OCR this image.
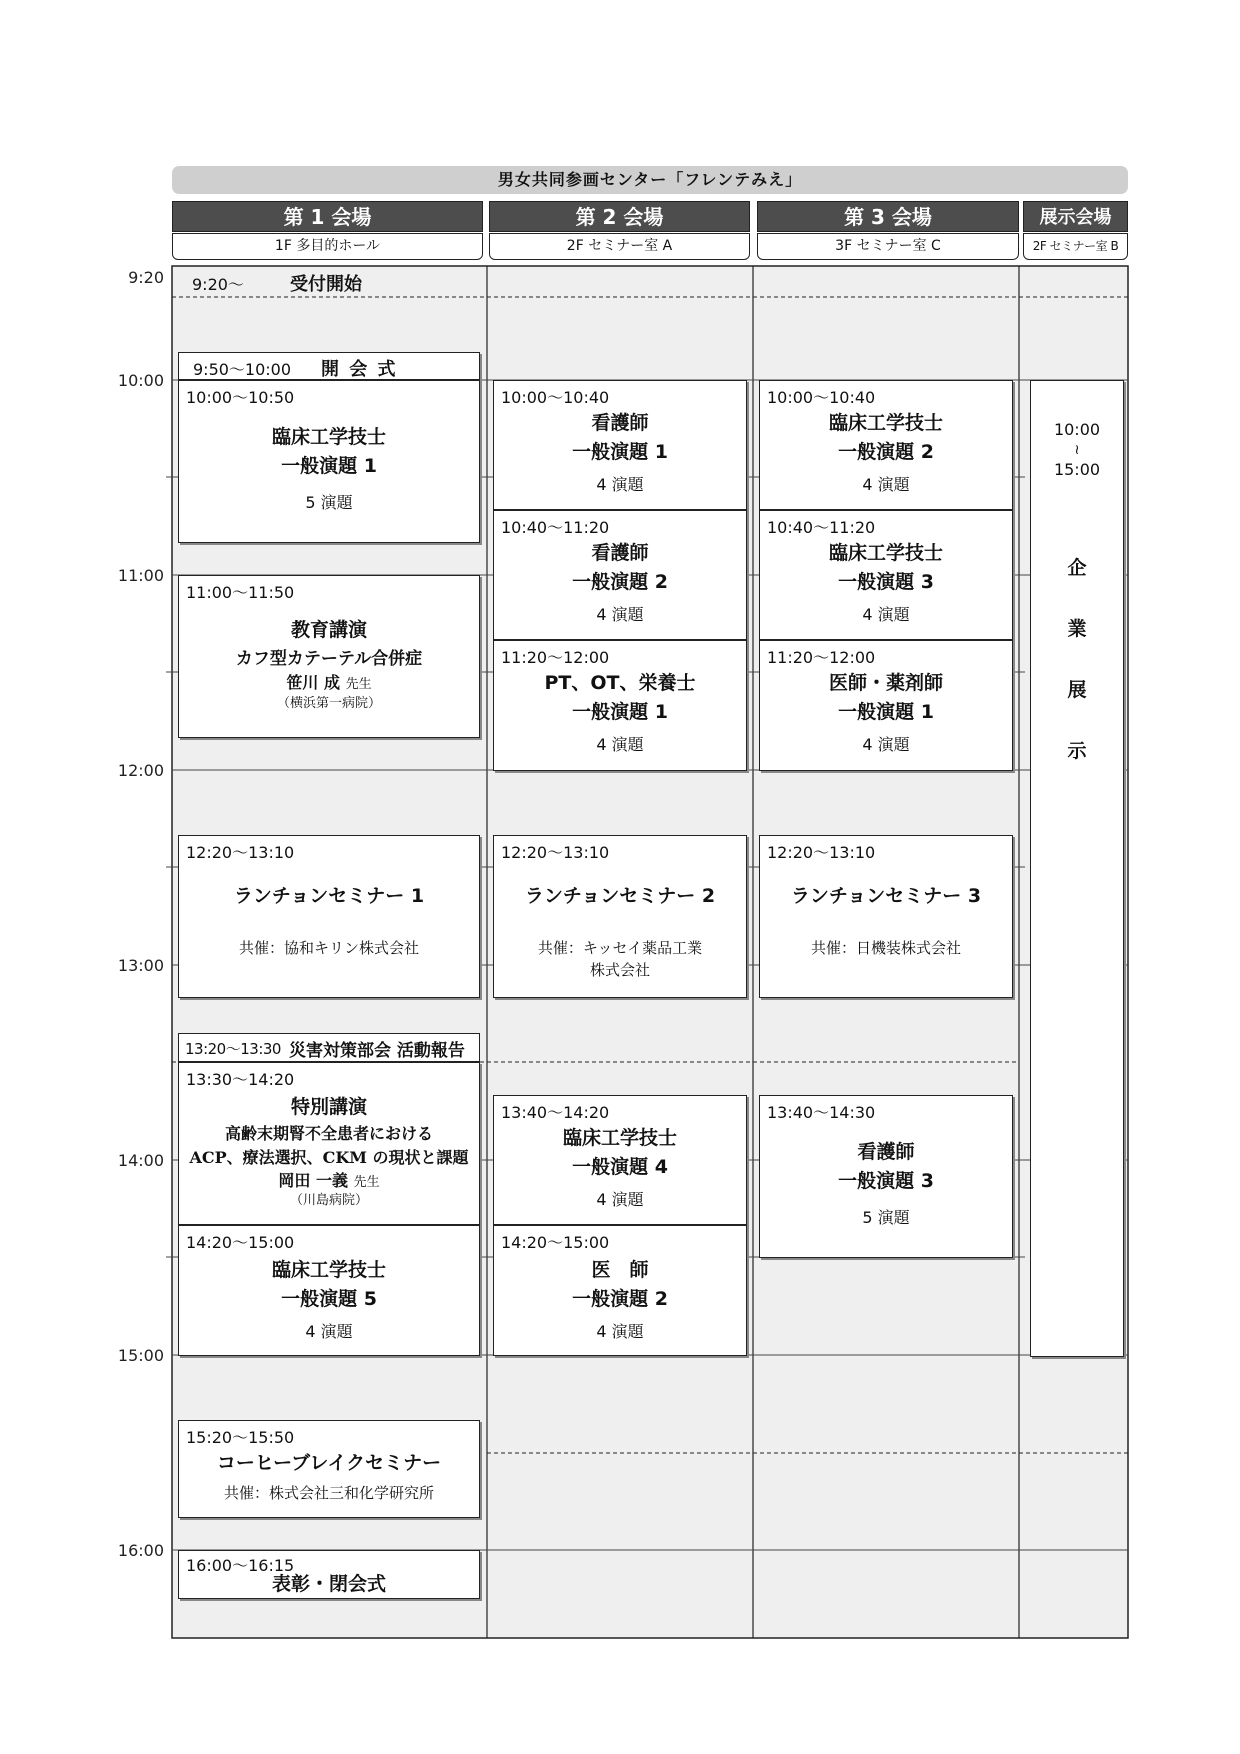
男女共同参画センター「フレンテみえ」
第 1 会場
1F 多目的ホール
第 2 会場
2F セミナー室 A
第 3 会場
3F セミナー室 C
展示会場
2F セミナー室 B
9:20
10:00
11:00
12:00
13:00
14:00
15:00
16:00
9:20～	受付開始
9:50～10:00 開 会 式
10:00～10:50
臨床工学技士
一般演題 1
5 演題
11:00～11:50
教育講演
カフ型カテーテル合併症
笹川 成 先生
（横浜第一病院）
12:20～13:10
ランチョンセミナー 1
共催：協和キリン株式会社
13:20～13:30 災害対策部会 活動報告
13:30～14:20
特別講演
高齢末期腎不全患者における
ACP、療法選択、CKM の現状と課題
岡田 一義 先生
（川島病院）
14:20～15:00
臨床工学技士
一般演題 5
4 演題
15:20～15:50
コーヒーブレイクセミナー
共催：株式会社三和化学研究所
16:00～16:15
表彰・閉会式
10:00～10:40
看護師
一般演題 1
4 演題
10:40～11:20
看護師
一般演題 2
4 演題
11:20～12:00
PT、OT、栄養士
一般演題 1
4 演題
12:20～13:10
ランチョンセミナー 2
共催：キッセイ薬品工業
株式会社
13:40～14:20
臨床工学技士
一般演題 4
4 演題
14:20～15:00
医　師
一般演題 2
4 演題
10:00～10:40
臨床工学技士
一般演題 2
4 演題
10:40～11:20
臨床工学技士
一般演題 3
4 演題
11:20～12:00
医師・薬剤師
一般演題 1
4 演題
12:20～13:10
ランチョンセミナー 3
共催：日機装株式会社
13:40～14:30
看護師
一般演題 3
5 演題
10:00
≀
15:00
企
業
展
示
